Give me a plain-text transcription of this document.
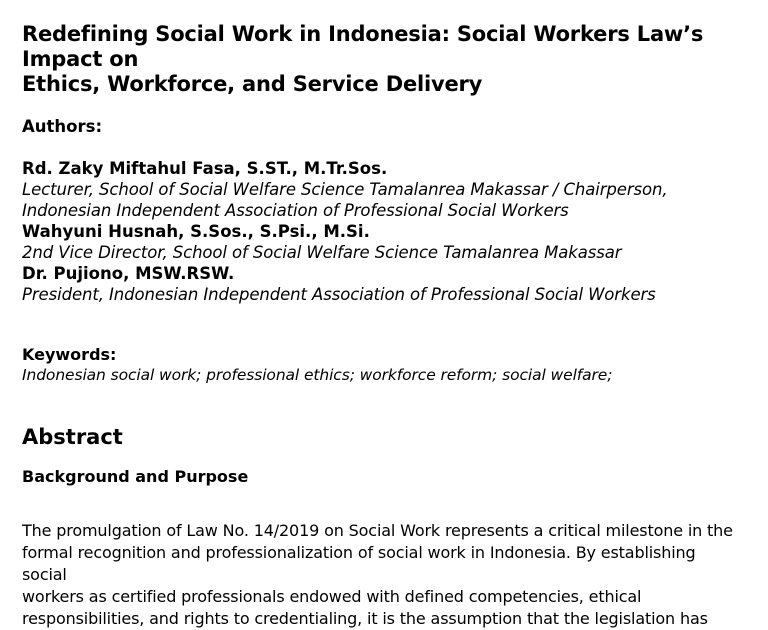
Redefining Social Work in Indonesia: Social Workers Law’s Impact on
Ethics, Workforce, and Service Delivery

Authors:

Rd. Zaky Miftahul Fasa, S.ST., M.Tr.Sos.

Lecturer, School of Social Welfare Science Tamalanrea Makassar / Chairperson,

Indonesian Independent Association of Professional Social Workers

Wahyuni Husnah, S.Sos., S.Psi., M.Si.

2nd Vice Director, School of Social Welfare Science Tamalanrea Makassar

Dr. Pujiono, MSW.RSW.

President, Indonesian Independent Association of Professional Social Workers

Keywords:

Indonesian social work; professional ethics; workforce reform; social welfare;

Abstract
Background and Purpose

The promulgation of Law No. 14/2019 on Social Work represents a critical milestone in the
formal recognition and professionalization of social work in Indonesia. By establishing social
workers as certified professionals endowed with defined competencies, ethical
responsibilities, and rights to credentialing, it is the assumption that the legislation has
